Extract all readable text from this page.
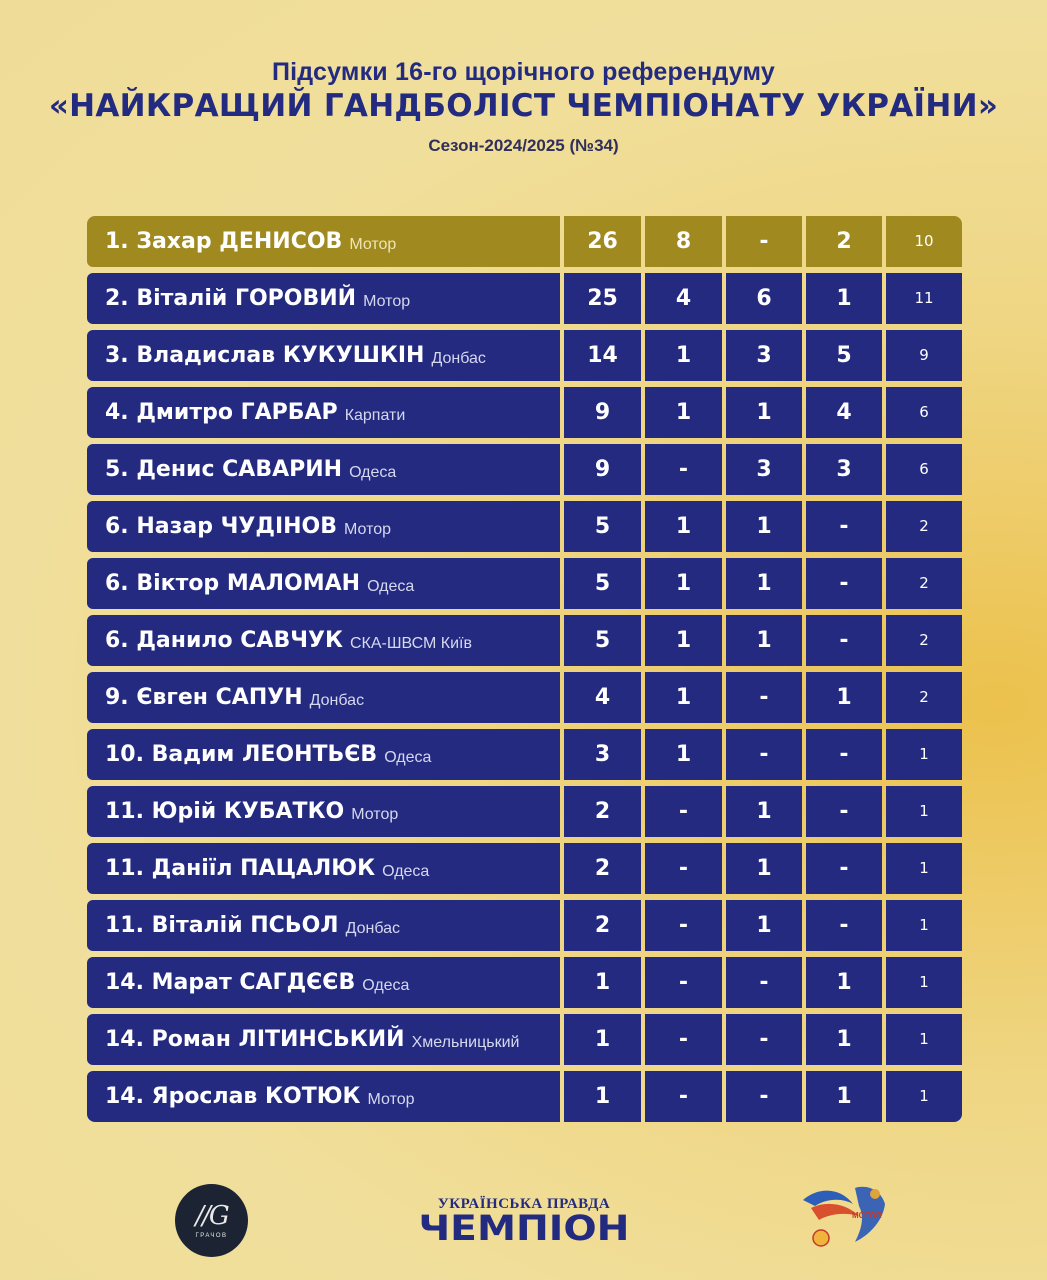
Підсумки 16-го щорічного референдуму
«НАЙКРАЩИЙ ГАНДБОЛІСТ ЧЕМПІОНАТУ УКРАЇНИ»
Сезон-2024/2025 (№34)
1. Захар ДЕНИСОВ Мотор	26	8	-	2	10
2. Віталій ГОРОВИЙ Мотор	25	4	6	1	11
3. Владислав КУКУШКІН Донбас	14	1	3	5	9
4. Дмитро ГАРБАР Карпати	9	1	1	4	6
5. Денис САВАРИН Одеса	9	-	3	3	6
6. Назар ЧУДІНОВ Мотор	5	1	1	-	2
6. Віктор МАЛОМАН Одеса	5	1	1	-	2
6. Данило САВЧУК СКА-ШВСМ Київ	5	1	1	-	2
9. Євген САПУН Донбас	4	1	-	1	2
10. Вадим ЛЕОНТЬЄВ Одеса	3	1	-	-	1
11. Юрій КУБАТКО Мотор	2	-	1	-	1
11. Даніїл ПАЦАЛЮК Одеса	2	-	1	-	1
11. Віталій ПСЬОЛ Донбас	2	-	1	-	1
14. Марат САГДЄЄВ Одеса	1	-	-	1	1
14. Роман ЛІТИНСЬКИЙ Хмельницький	1	-	-	1	1
14. Ярослав КОТЮК Мотор	1	-	-	1	1
//G
ГРАЧОВ
УКРАЇНСЬКА ПРАВДА
ЧЕМПІОН	MOTOR
